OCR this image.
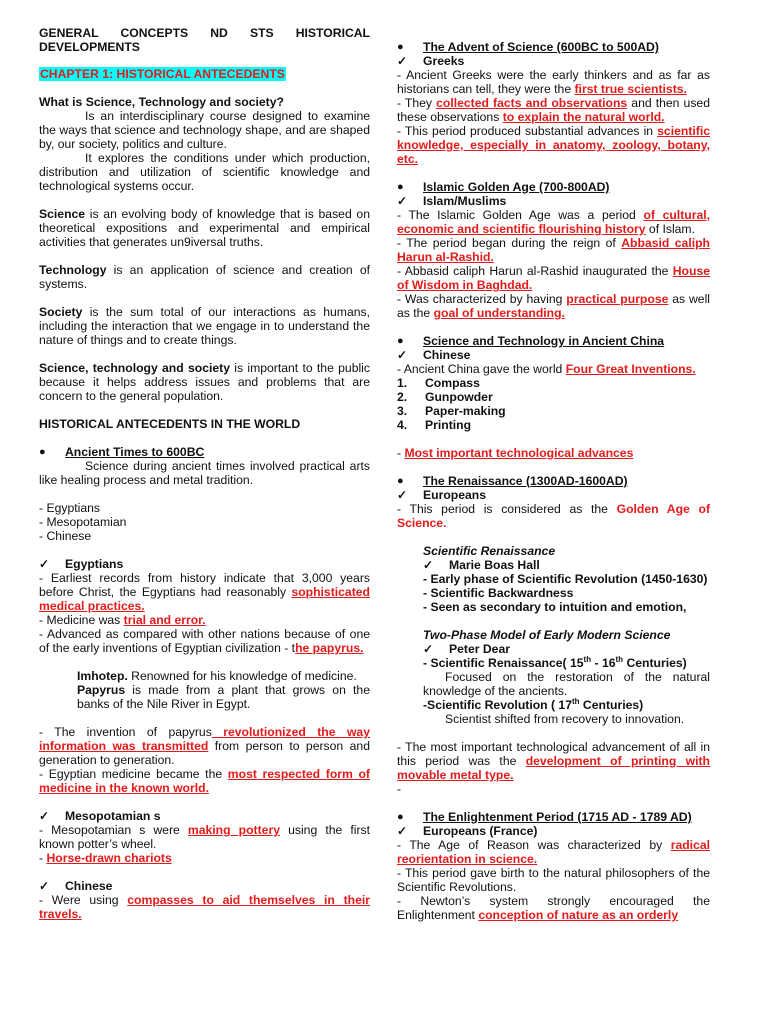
GENERAL CONCEPTS ND STS HISTORICAL DEVELOPMENTS

CHAPTER 1: HISTORICAL ANTECEDENTS

What is Science, Technology and society?

Is an interdisciplinary course designed to examine the ways that science and technology shape, and are shaped by, our society, politics and culture.

It explores the conditions under which production, distribution and utilization of scientific knowledge and technological systems occur.

Science is an evolving body of knowledge that is based on theoretical expositions and experimental and empirical activities that generates un9iversal truths.

Technology is an application of science and creation of systems.

Society is the sum total of our interactions as humans, including the interaction that we engage in to understand the nature of things and to create things.

Science, technology and society is important to the public because it helps address issues and problems that are concern to the general population.

HISTORICAL ANTECEDENTS IN THE WORLD

●	Ancient Times to 600BC

Science during ancient times involved practical arts like healing process and metal tradition.

- Egyptians

- Mesopotamian

- Chinese

✓ Egyptians

- Earliest records from history indicate that 3,000 years before Christ, the Egyptians had reasonably sophisticated medical practices.

- Medicine was trial and error.

- Advanced as compared with other nations because of one of the early inventions of Egyptian civilization - the papyrus.

Imhotep. Renowned for his knowledge of medicine.

Papyrus is made from a plant that grows on the banks of the Nile River in Egypt.

- The invention of papyrus revolutionized the way information was transmitted from person to person and generation to generation.

- Egyptian medicine became the most respected form of medicine in the known world.

✓ Mesopotamian s

- Mesopotamian s were making pottery using the first known potter’s wheel.

- Horse-drawn chariots

✓ Chinese

- Were using compasses to aid themselves in their travels.

●	The Advent of Science (600BC to 500AD)

✓ Greeks

- Ancient Greeks were the early thinkers and as far as historians can tell, they were the first true scientists.

- They collected facts and observations and then used these observations to explain the natural world.

- This period produced substantial advances in scientific knowledge, especially in anatomy, zoology, botany, etc.

●	Islamic Golden Age (700-800AD)

✓ Islam/Muslims

- The Islamic Golden Age was a period of cultural, economic and scientific flourishing history of Islam.

- The period began during the reign of Abbasid caliph Harun al-Rashid.

- Abbasid caliph Harun al-Rashid inaugurated the House of Wisdom in Baghdad.

- Was characterized by having practical purpose as well as the goal of understanding.

●	Science and Technology in Ancient China

✓ Chinese

- Ancient China gave the world Four Great Inventions.

1.	Compass
2.	Gunpowder
3.	Paper-making
4.	Printing

- Most important technological advances

●	The Renaissance (1300AD-1600AD)

✓ Europeans

- This period is considered as the Golden Age of Science.

Scientific Renaissance

✓ Marie Boas Hall

- Early phase of Scientific Revolution (1450-1630)

- Scientific Backwardness

- Seen as secondary to intuition and emotion,

Two-Phase Model of Early Modern Science

✓ Peter Dear

- Scientific Renaissance( 15th - 16th Centuries)

Focused on the restoration of the natural knowledge of the ancients.

-Scientific Revolution ( 17th Centuries)

Scientist shifted from recovery to innovation.

- The most important technological advancement of all in this period was the development of printing with movable metal type.

-

●	The Enlightenment Period (1715 AD - 1789 AD)

✓ Europeans (France)

- The Age of Reason was characterized by radical reorientation in science.

- This period gave birth to the natural philosophers of the Scientific Revolutions.

- Newton’s system strongly encouraged the Enlightenment conception of nature as an orderly
